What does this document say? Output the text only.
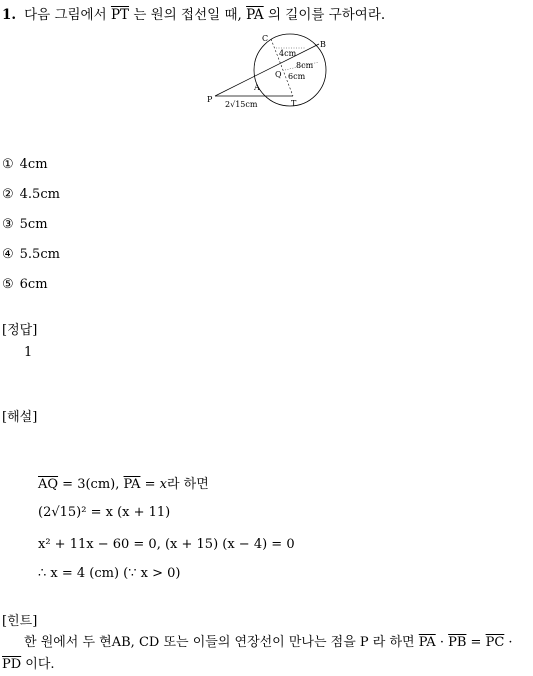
1. 다음 그림에서 $\overline{PT}$ 는 원의 접선일 때, $\overline{PA}$ 의 길이를 구하여라.
C
B
A
Q
P	T
4cm
8cm
6cm
2√15cm
① 4cm
② 4.5cm
③ 5cm
④ 5.5cm
⑤ 6cm
[정답]
1
[해설]
$\overline{AQ} = 3(cm)$, $\overline{PA} = x$라 하면
(2√15)² = x (x + 11)
x² + 11x − 60 = 0, (x + 15) (x − 4) = 0
∴ x = 4 (cm) (∵ x > 0)
[힌트]
한 원에서 두 현AB, CD 또는 이들의 연장선이 만나는 점을 P 라 하면 $\overline{PA} \cdot \overline{PB} = \overline{PC} \cdot \overline{PD}$ 이다.
